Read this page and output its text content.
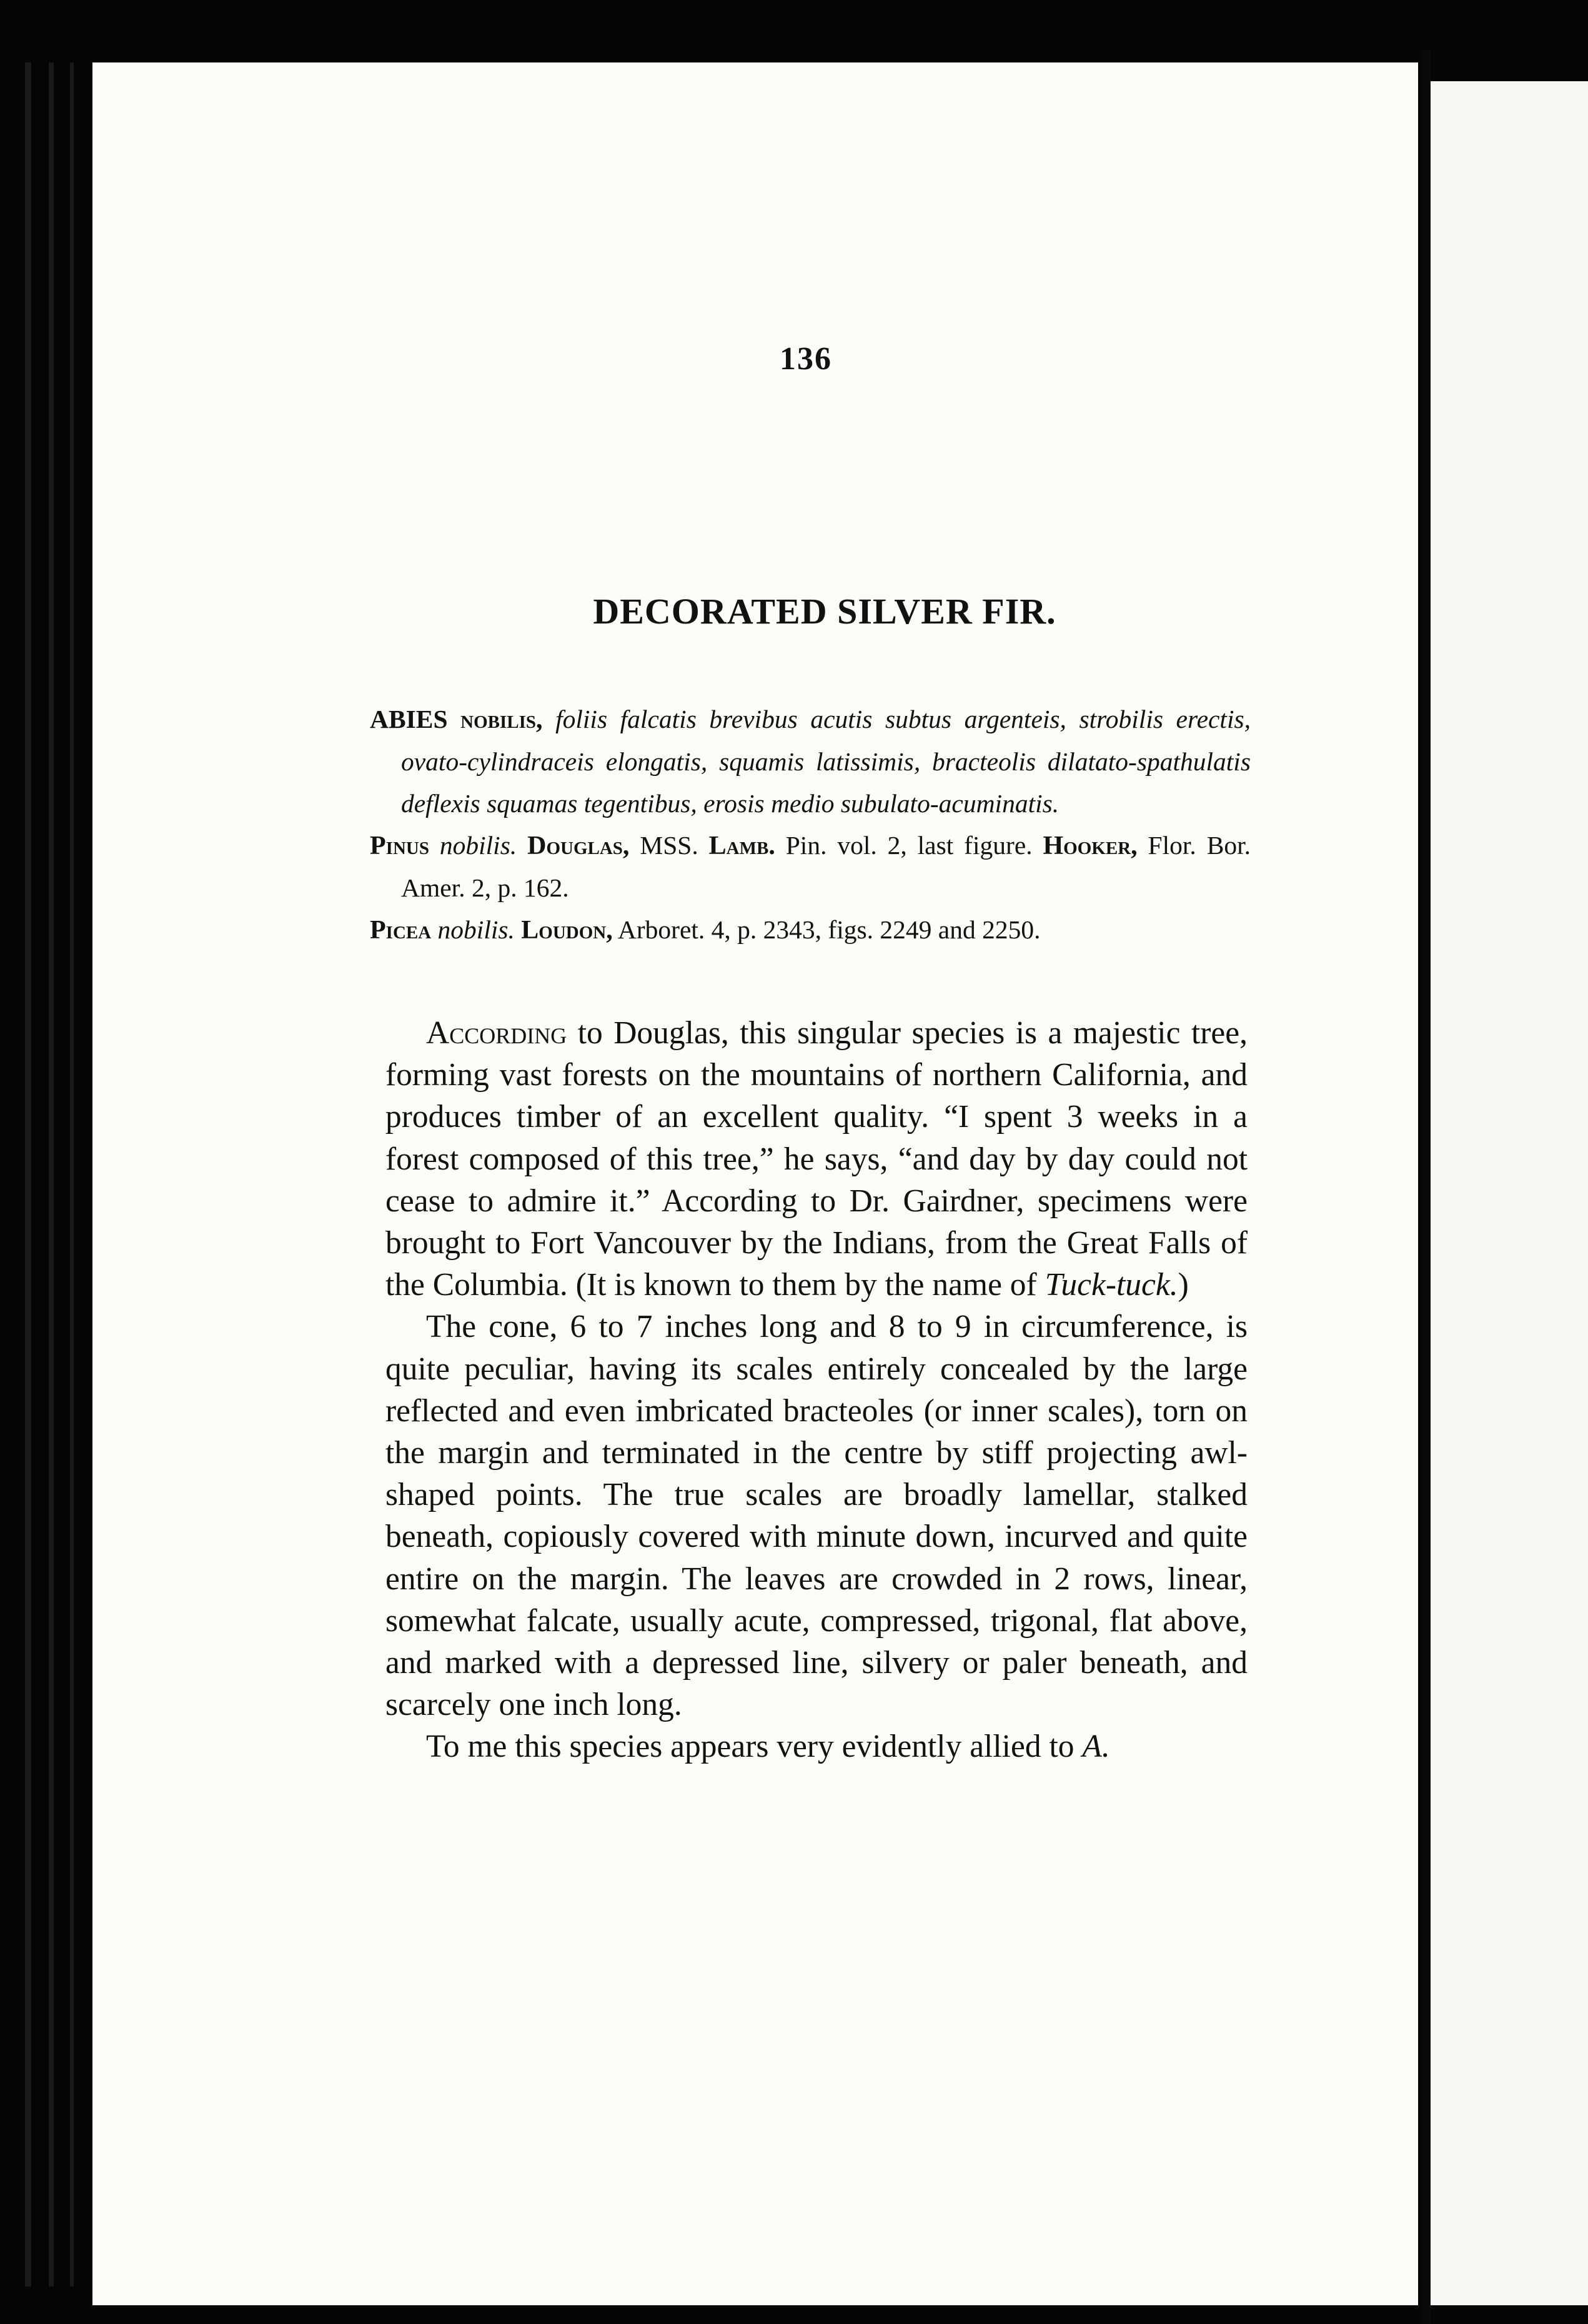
136
DECORATED SILVER FIR.
ABIES nobilis, foliis falcatis brevibus acutis subtus argenteis, strobilis erectis, ovato-cylindraceis elongatis, squamis latissimis, bracteolis dilatato-spathulatis deflexis squamas tegentibus, erosis medio subulato-acuminatis.
Pinus nobilis. Douglas, MSS. Lamb. Pin. vol. 2, last figure. Hooker, Flor. Bor. Amer. 2, p. 162.
Picea nobilis. Loudon, Arboret. 4, p. 2343, figs. 2249 and 2250.

According to Douglas, this singular species is a majestic tree, forming vast forests on the mountains of northern California, and produces timber of an excellent quality. “I spent 3 weeks in a forest composed of this tree,” he says, “and day by day could not cease to admire it.” According to Dr. Gairdner, specimens were brought to Fort Vancouver by the Indians, from the Great Falls of the Columbia. (It is known to them by the name of Tuck-tuck.)

The cone, 6 to 7 inches long and 8 to 9 in circumference, is quite peculiar, having its scales entirely concealed by the large reflected and even imbricated bracteoles (or inner scales), torn on the margin and terminated in the centre by stiff projecting awl-shaped points. The true scales are broadly lamellar, stalked beneath, copiously covered with minute down, incurved and quite entire on the margin. The leaves are crowded in 2 rows, linear, somewhat falcate, usually acute, compressed, trigonal, flat above, and marked with a depressed line, silvery or paler beneath, and scarcely one inch long.

To me this species appears very evidently allied to A.
